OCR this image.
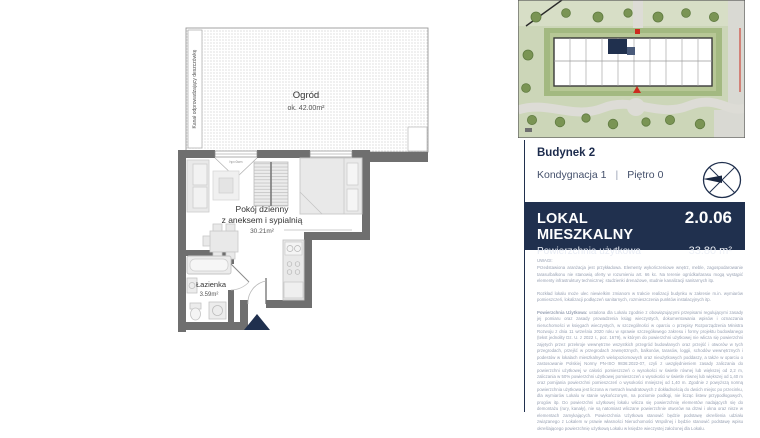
Kanał odprowadzający deszczówkę	Ogród
ok. 42.00m²
hp=0cm
Pokój dzienny
z aneksem i sypialnią
30.21m²
Łazienka
3.59m²
Budynek 2
Kondygnacja 1 | Piętro 0
LOKAL MIESZKALNY
2.0.06
Powierzchnia użytkowa	33.80 m²
UWAGI:

Przedstawiona aranżacja jest przykładowa. Elementy wykończeniowe wnętrz, meble, zagospodarowanie tarasu/balkonu nie stanowią oferty w rozumieniu art. 66 kc. Na terenie ogródka/tarasu mogą wystąpić elementy infrastruktury technicznej: studzienki drenażowe, studnie kanalizacji sanitarnych itp.

Rozkład lokalu może ulec niewielkim zmianom w trakcie realizacji budynku w zakresie m.in. wymiarów pomieszczeń, lokalizacji podłączeń sanitarnych, rozmieszczenia punktów instalacyjnych itp.

Powierzchnia Użytkowa: ustalona dla Lokalu zgodnie z obowiązującymi przepisami regulującymi zasady jej pomiaru oraz zasady prowadzenia ksiąg wieczystych, dokumentowania wpisów i oznaczania nieruchomości w księgach wieczystych, w szczególności w oparciu o przepisy Rozporządzenia Ministra Rozwoju z dnia 11 września 2020 roku w sprawie szczegółowego zakresu i formy projektu budowlanego (tekst jednolity Dz. U. z 2022 r., poz. 1679), w którym do powierzchni użytkowej nie wlicza się powierzchni zajętych przez przekroje wewnętrzne wszystkich przegród budowlanych oraz przejść i otworów w tych przegrodach, przejść w przegrodach zewnętrznych, balkonów, tarasów, loggii, schodów wewnętrznych i podestów w lokalach mieszkalnych wielopoziomowych oraz nieużytkowych poddaszy, a także w oparciu o zastosowanie Polskiej Normy PN-ISO 9836:2022-07, czyli z uwzględnieniem zasady zaliczania do powierzchni użytkowej w całości pomieszczeń o wysokości w świetle równej lub większej od 2,2 m, zaliczania w 50% powierzchni użytkowej pomieszczeń o wysokości w świetle równej lub większej od 1,40 m oraz pomijania powierzchni pomieszczeń o wysokości mniejszej od 1,40 m. Zgodnie z powyższą normą powierzchnia użytkowa jest liczona w metrach kwadratowych z dokładnością do dwóch miejsc po przecinku, dla wymiarów Lokalu w stanie wykończonym, na poziomie podłogi, nie licząc listew przypodłogowych, progów itp. Do powierzchni użytkowej lokalu wlicza się powierzchnię elementów nadających się do demontażu (rury, kanały), nie są natomiast wliczane powierzchnie otworów na drzwi i okna oraz nisze w elementach zamykających. Powierzchnia Użytkowa stanowić będzie podstawę określenia udziału związanego z Lokalem w prawie własności Nieruchomości Wspólnej i będzie stanowić podstawę wpisu określającego powierzchnię użytkową Lokalu w księdze wieczystej założonej dla Lokalu.
